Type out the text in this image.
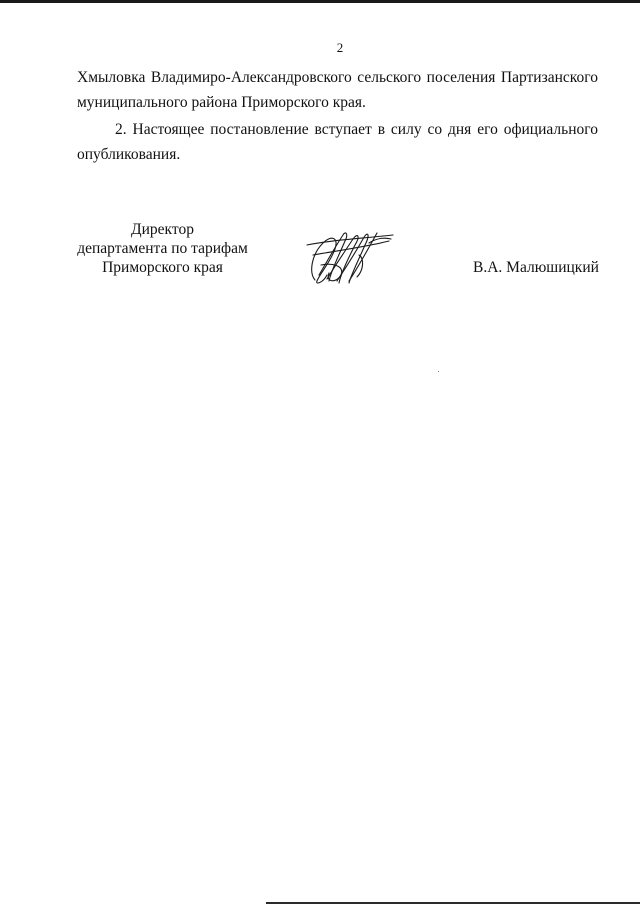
2
Хмыловка Владимиро-Александровского сельского поселения Партизанского
муниципального района Приморского края.
2. Настоящее постановление вступает в силу со дня его официального
опубликования.
Директор
департамента по тарифам
Приморского края	В.А. Малюшицкий
